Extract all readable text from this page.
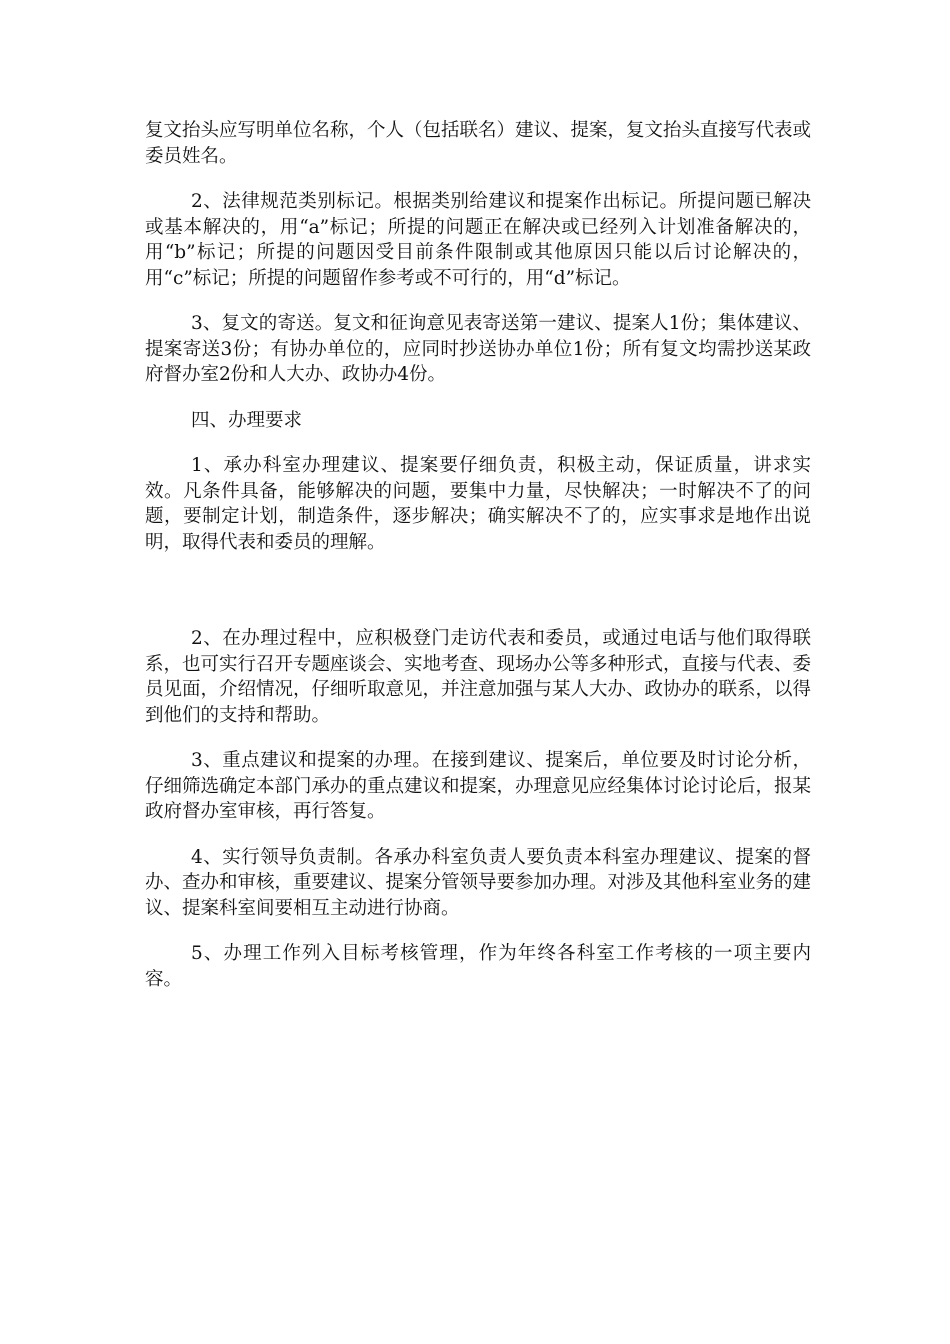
复文抬头应写明单位名称，个人（包括联名）建议、提案，复文抬头直接写代表或委员姓名。

2、法律规范类别标记。根据类别给建议和提案作出标记。所提问题已解决或基本解决的，用“a”标记；所提的问题正在解决或已经列入计划准备解决的，用“b”标记；所提的问题因受目前条件限制或其他原因只能以后讨论解决的，用“c”标记；所提的问题留作参考或不可行的，用“d”标记。

3、复文的寄送。复文和征询意见表寄送第一建议、提案人1份；集体建议、提案寄送3份；有协办单位的，应同时抄送协办单位1份；所有复文均需抄送某政府督办室2份和人大办、政协办4份。

四、办理要求

1、承办科室办理建议、提案要仔细负责，积极主动，保证质量，讲求实效。凡条件具备，能够解决的问题，要集中力量，尽快解决；一时解决不了的问题，要制定计划，制造条件，逐步解决；确实解决不了的，应实事求是地作出说明，取得代表和委员的理解。

2、在办理过程中，应积极登门走访代表和委员，或通过电话与他们取得联系，也可实行召开专题座谈会、实地考查、现场办公等多种形式，直接与代表、委员见面，介绍情况，仔细听取意见，并注意加强与某人大办、政协办的联系，以得到他们的支持和帮助。

3、重点建议和提案的办理。在接到建议、提案后，单位要及时讨论分析，仔细筛选确定本部门承办的重点建议和提案，办理意见应经集体讨论讨论后，报某政府督办室审核，再行答复。

4、实行领导负责制。各承办科室负责人要负责本科室办理建议、提案的督办、查办和审核，重要建议、提案分管领导要参加办理。对涉及其他科室业务的建议、提案科室间要相互主动进行协商。

5、办理工作列入目标考核管理，作为年终各科室工作考核的一项主要内容。
